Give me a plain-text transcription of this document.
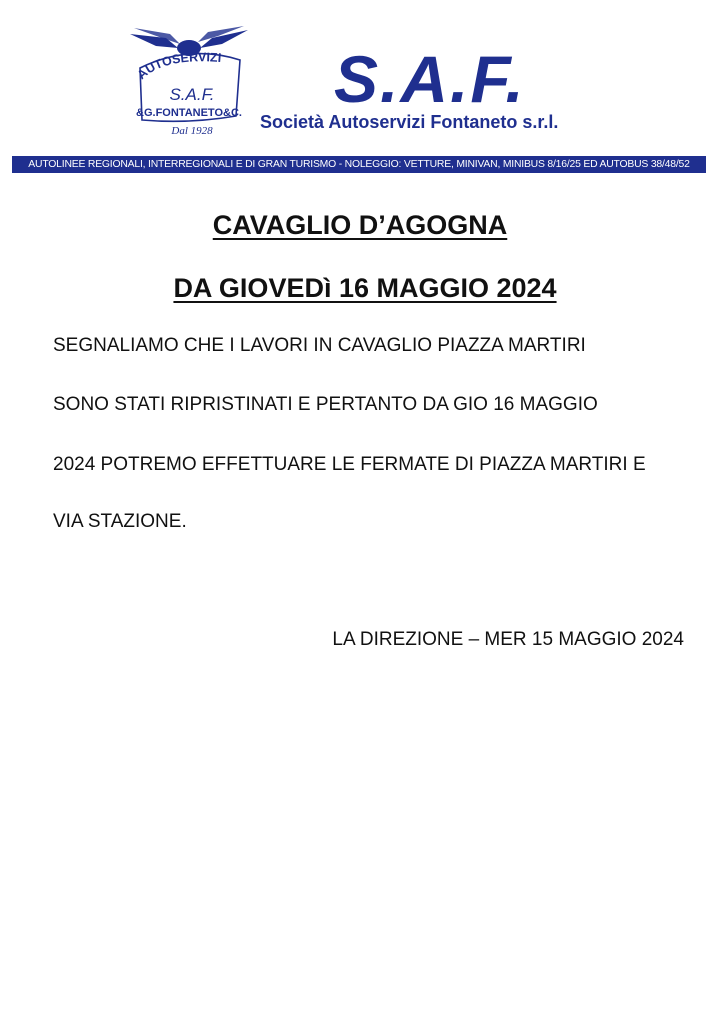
AUTOSERVIZI
S.A.F.
&G.FONTANETO&C.
Dal 1928
S.A.F.
Società Autoservizi Fontaneto s.r.l.
AUTOLINEE REGIONALI, INTERREGIONALI E DI GRAN TURISMO - NOLEGGIO: VETTURE, MINIVAN, MINIBUS 8/16/25 ED AUTOBUS 38/48/52
CAVAGLIO D’AGOGNA
DA GIOVEDì 16 MAGGIO 2024
SEGNALIAMO CHE I LAVORI IN CAVAGLIO PIAZZA MARTIRI
SONO STATI RIPRISTINATI E PERTANTO DA GIO 16 MAGGIO
2024 POTREMO EFFETTUARE LE FERMATE DI PIAZZA MARTIRI E
VIA STAZIONE.
LA DIREZIONE – MER 15 MAGGIO 2024
